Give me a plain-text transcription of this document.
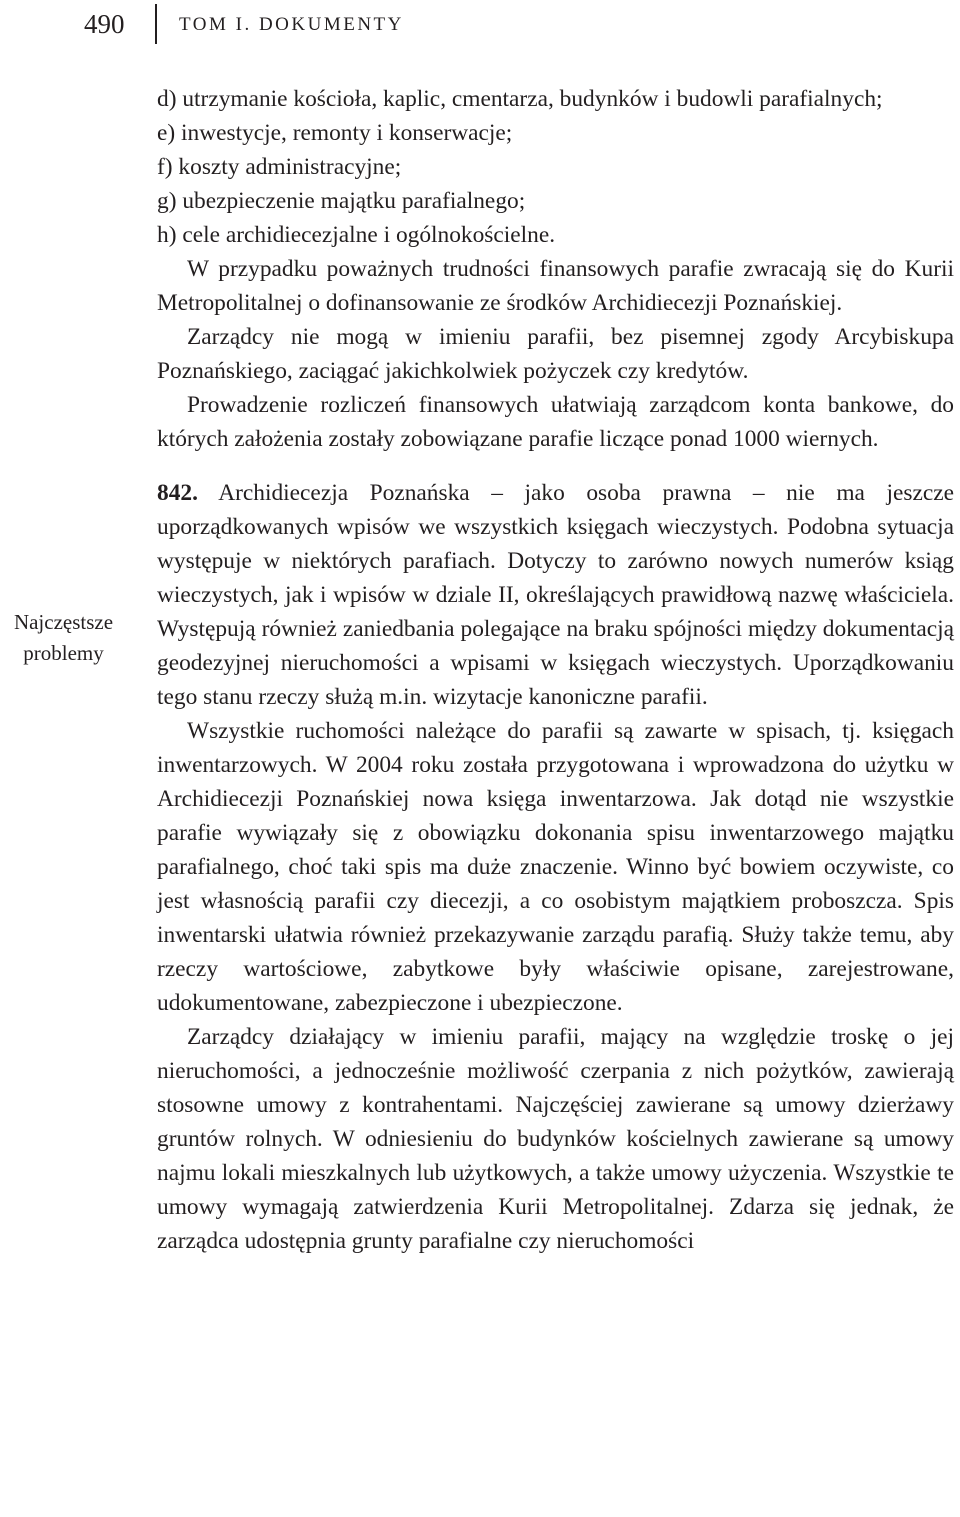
490	TOM I. DOKUMENTY
Najczęstsze
problemy

d) utrzymanie kościoła, kaplic, cmentarza, budynków i budowli parafialnych;

e) inwestycje, remonty i konserwacje;

f) koszty administracyjne;

g) ubezpieczenie majątku parafialnego;

h) cele archidiecezjalne i ogólnokościelne.

W przypadku poważnych trudności finansowych parafie zwracają się do Kurii Metropolitalnej o dofinansowanie ze środków Archidiecezji Poznańskiej.

Zarządcy nie mogą w imieniu parafii, bez pisemnej zgody Arcybiskupa Poznańskiego, zaciągać jakichkolwiek pożyczek czy kredytów.

Prowadzenie rozliczeń finansowych ułatwiają zarządcom konta bankowe, do których założenia zostały zobowiązane parafie liczące ponad 1000 wiernych.

842. Archidiecezja Poznańska – jako osoba prawna – nie ma jeszcze uporządkowanych wpisów we wszystkich księgach wieczystych. Podobna sytuacja występuje w niektórych parafiach. Dotyczy to zarówno nowych numerów ksiąg wieczystych, jak i wpisów w dziale II, określających prawidłową nazwę właściciela. Występują również zaniedbania polegające na braku spójności między dokumentacją geodezyjnej nieruchomości a wpisami w księgach wieczystych. Uporządkowaniu tego stanu rzeczy służą m.in. wizytacje kanoniczne parafii.

Wszystkie ruchomości należące do parafii są zawarte w spisach, tj. księgach inwentarzowych. W 2004 roku została przygotowana i wprowadzona do użytku w Archidiecezji Poznańskiej nowa księga inwentarzowa. Jak dotąd nie wszystkie parafie wywiązały się z obowiązku dokonania spisu inwentarzowego majątku parafialnego, choć taki spis ma duże znaczenie. Winno być bowiem oczywiste, co jest własnością parafii czy diecezji, a co osobistym majątkiem proboszcza. Spis inwentarski ułatwia również przekazywanie zarządu parafią. Służy także temu, aby rzeczy wartościowe, zabytkowe były właściwie opisane, zarejestrowane, udokumentowane, zabezpieczone i ubezpieczone.

Zarządcy działający w imieniu parafii, mający na względzie troskę o jej nieruchomości, a jednocześnie możliwość czerpania z nich pożytków, zawierają stosowne umowy z kontrahentami. Najczęściej zawierane są umowy dzierżawy gruntów rolnych. W odniesieniu do budynków kościelnych zawierane są umowy najmu lokali mieszkalnych lub użytkowych, a także umowy użyczenia. Wszystkie te umowy wymagają zatwierdzenia Kurii Metropolitalnej. Zdarza się jednak, że zarządca udostępnia grunty parafialne czy nieruchomości
